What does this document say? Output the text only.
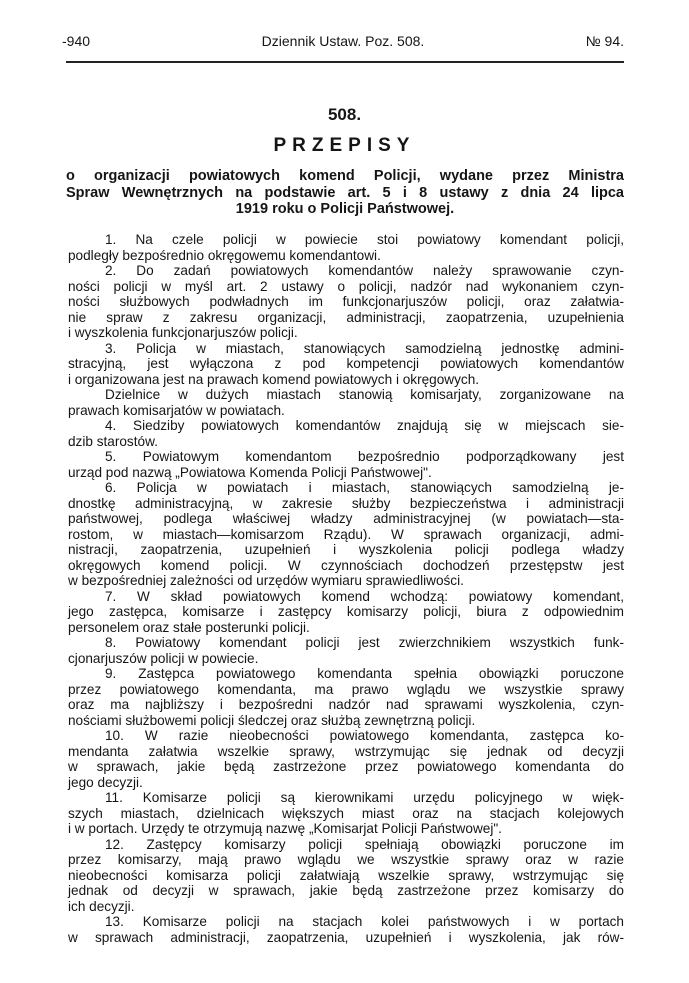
-940	Dziennik Ustaw. Poz. 508.	№ 94.
508.
PRZEPISY
o organizacji powiatowych komend Policji, wydane przez Ministra
Spraw Wewnętrznych na podstawie art. 5 i 8 ustawy z dnia 24 lipca
1919 roku o Policji Państwowej.
1. Na czele policji w powiecie stoi powiatowy komendant policji,
podległy bezpośrednio okręgowemu komendantowi.
2. Do zadań powiatowych komendantów należy sprawowanie czyn-
ności policji w myśl art. 2 ustawy o policji, nadzór nad wykonaniem czyn-
ności służbowych podwładnych im funkcjonarjuszów policji, oraz załatwia-
nie spraw z zakresu organizacji, administracji, zaopatrzenia, uzupełnienia
i wyszkolenia funkcjonarjuszów policji.
3. Policja w miastach, stanowiących samodzielną jednostkę admini-
stracyjną, jest wyłączona z pod kompetencji powiatowych komendantów
i organizowana jest na prawach komend powiatowych i okręgowych.
Dzielnice w dużych miastach stanowią komisarjaty, zorganizowane na
prawach komisarjatów w powiatach.
4. Siedziby powiatowych komendantów znajdują się w miejscach sie-
dzib starostów.
5. Powiatowym komendantom bezpośrednio podporządkowany jest
urząd pod nazwą „Powiatowa Komenda Policji Państwowej".
6. Policja w powiatach i miastach, stanowiących samodzielną je-
dnostkę administracyjną, w zakresie służby bezpieczeństwa i administracji
państwowej, podlega właściwej władzy administracyjnej (w powiatach—sta-
rostom, w miastach—komisarzom Rządu). W sprawach organizacji, admi-
nistracji, zaopatrzenia, uzupełnień i wyszkolenia policji podlega władzy
okręgowych komend policji. W czynnościach dochodzeń przestępstw jest
w bezpośredniej zależności od urzędów wymiaru sprawiedliwości.
7. W skład powiatowych komend wchodzą: powiatowy komendant,
jego zastępca, komisarze i zastępcy komisarzy policji, biura z odpowiednim
personelem oraz stałe posterunki policji.
8. Powiatowy komendant policji jest zwierzchnikiem wszystkich funk-
cjonarjuszów policji w powiecie.
9. Zastępca powiatowego komendanta spełnia obowiązki poruczone
przez powiatowego komendanta, ma prawo wglądu we wszystkie sprawy
oraz ma najbliższy i bezpośredni nadzór nad sprawami wyszkolenia, czyn-
nościami służbowemi policji śledczej oraz służbą zewnętrzną policji.
10. W razie nieobecności powiatowego komendanta, zastępca ko-
mendanta załatwia wszelkie sprawy, wstrzymując się jednak od decyzji
w sprawach, jakie będą zastrzeżone przez powiatowego komendanta do
jego decyzji.
11. Komisarze policji są kierownikami urzędu policyjnego w więk-
szych miastach, dzielnicach większych miast oraz na stacjach kolejowych
i w portach. Urzędy te otrzymują nazwę „Komisarjat Policji Państwowej".
12. Zastępcy komisarzy policji spełniają obowiązki poruczone im
przez komisarzy, mają prawo wglądu we wszystkie sprawy oraz w razie
nieobecności komisarza policji załatwiają wszelkie sprawy, wstrzymując się
jednak od decyzji w sprawach, jakie będą zastrzeżone przez komisarzy do
ich decyzji.
13. Komisarze policji na stacjach kolei państwowych i w portach
w sprawach administracji, zaopatrzenia, uzupełnień i wyszkolenia, jak rów-
